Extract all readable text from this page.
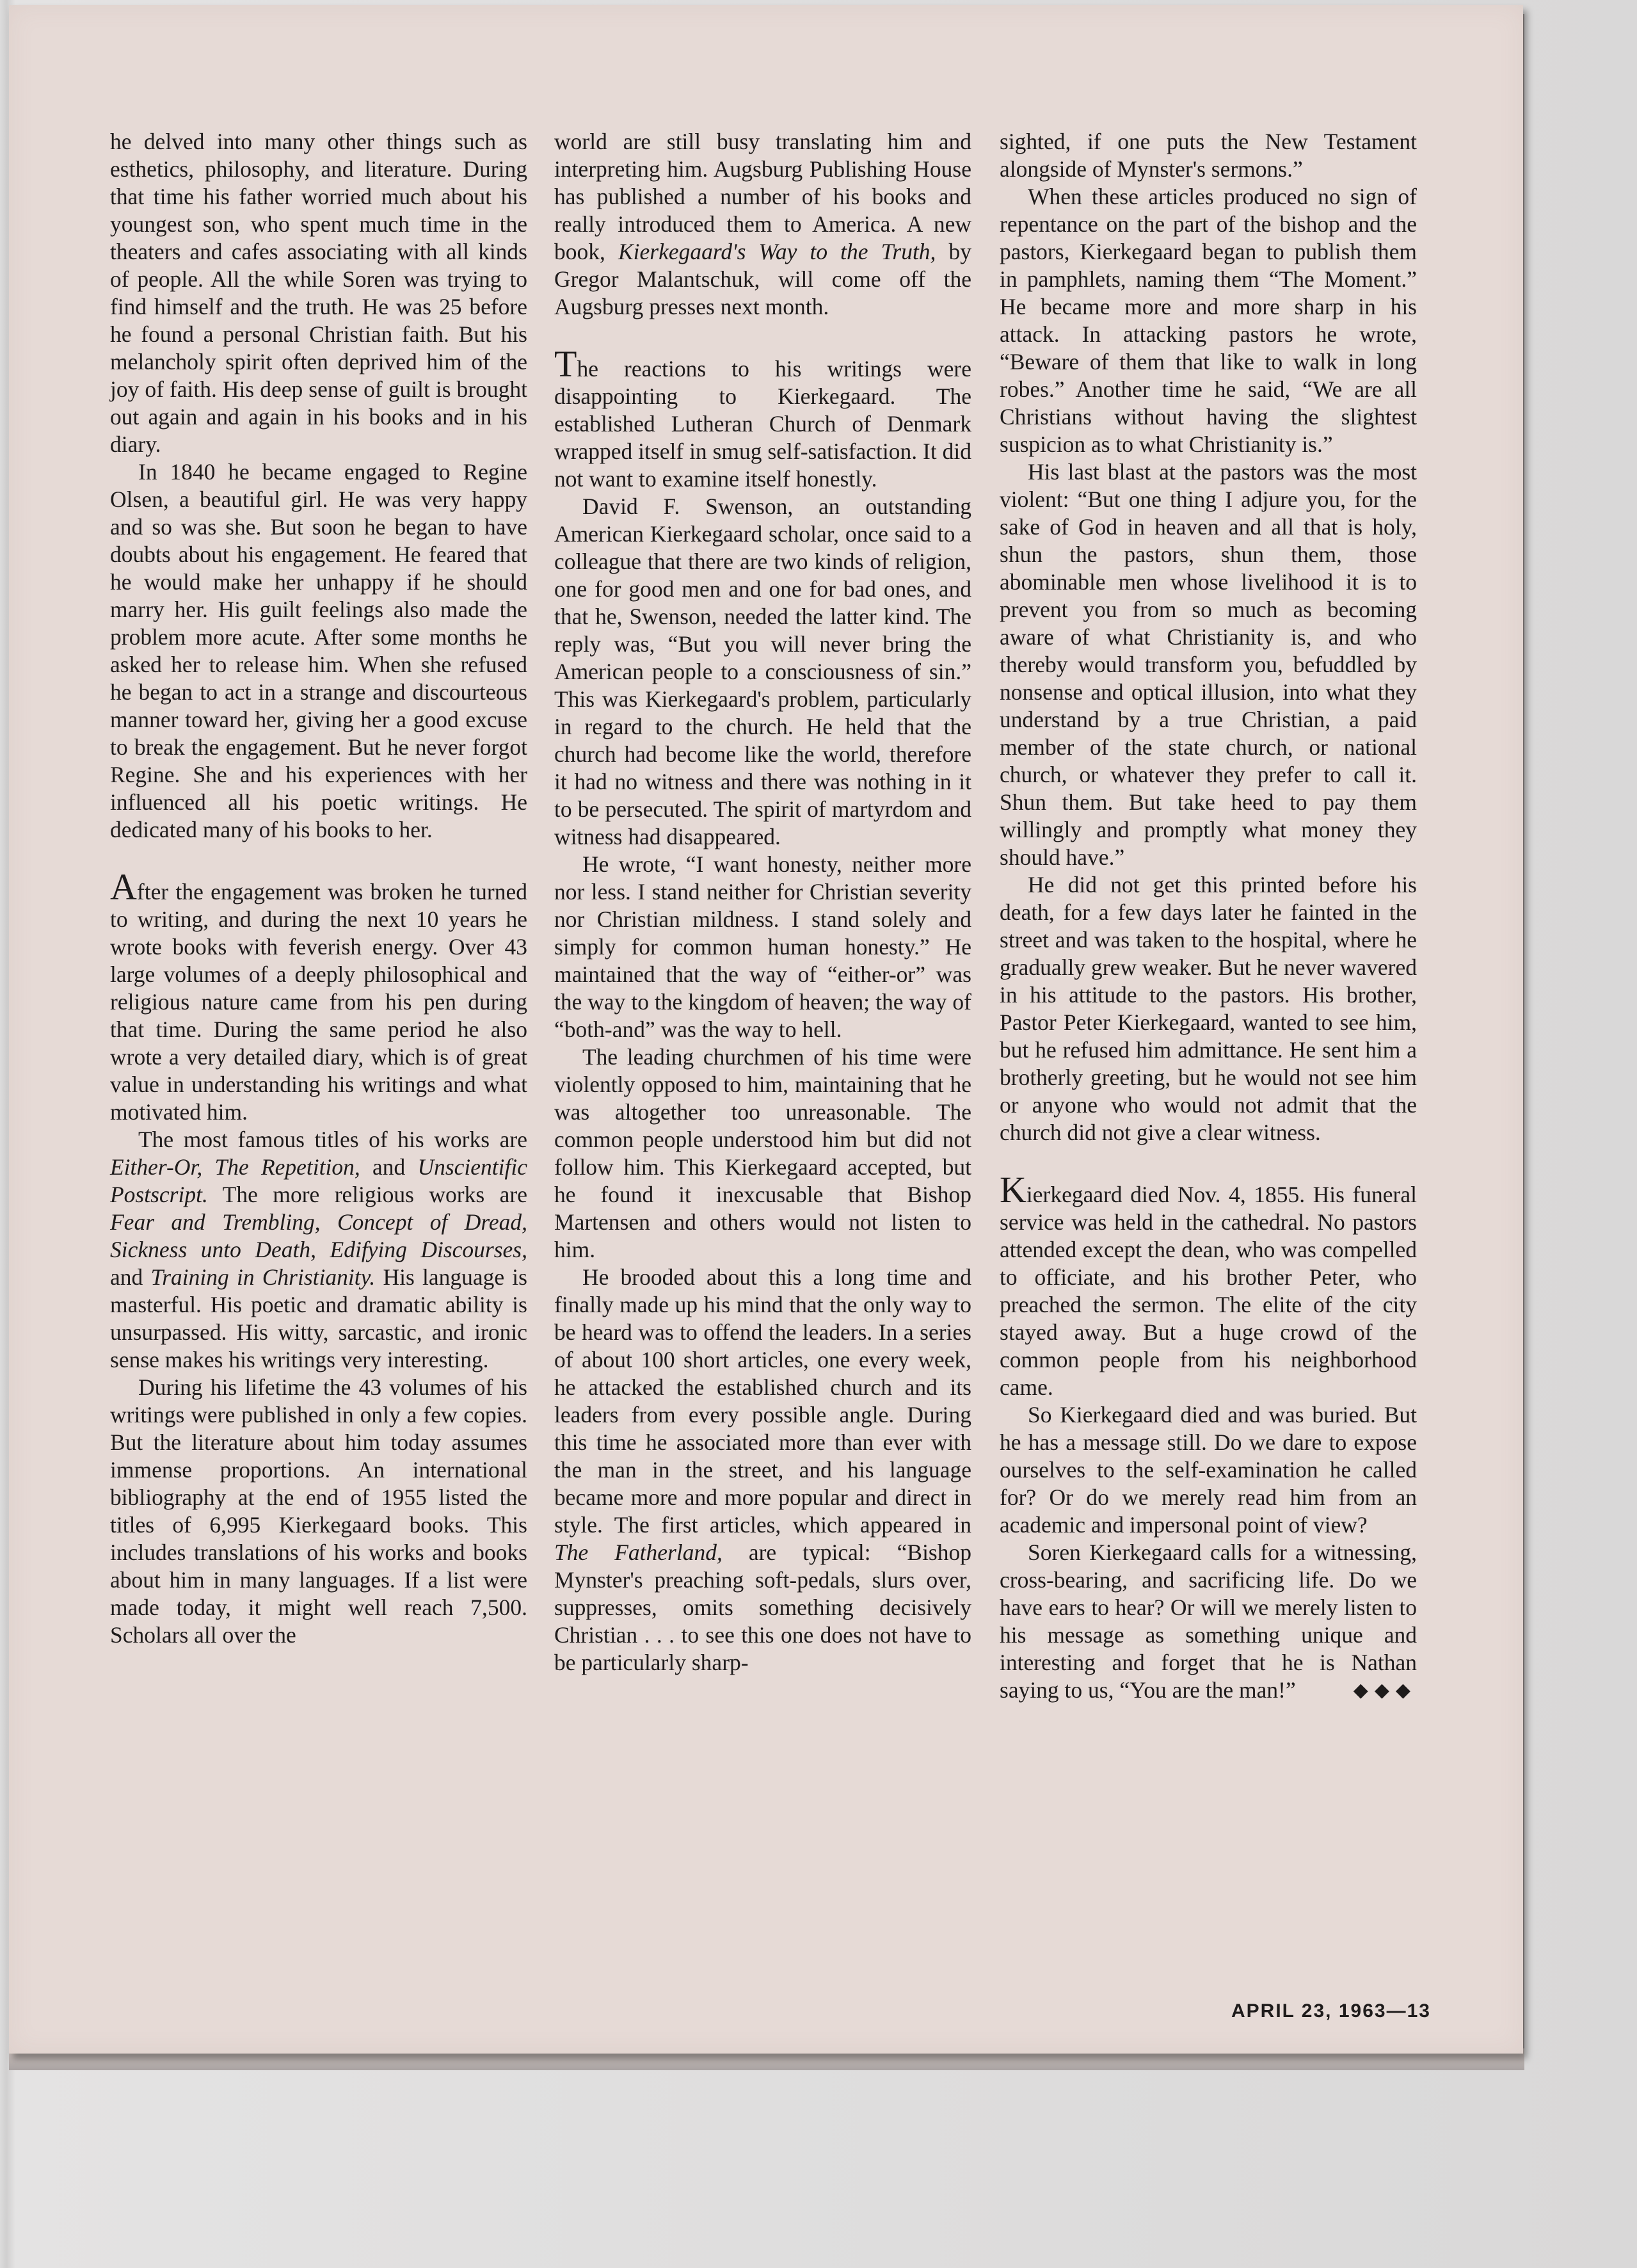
he delved into many other things such as esthetics, philosophy, and literature. During that time his father worried much about his youngest son, who spent much time in the theaters and cafes associating with all kinds of people. All the while Soren was trying to find himself and the truth. He was 25 before he found a personal Christian faith. But his melancholy spirit often deprived him of the joy of faith. His deep sense of guilt is brought out again and again in his books and in his diary.

In 1840 he became engaged to Regine Olsen, a beautiful girl. He was very happy and so was she. But soon he began to have doubts about his engagement. He feared that he would make her unhappy if he should marry her. His guilt feelings also made the problem more acute. After some months he asked her to release him. When she refused he began to act in a strange and discourteous manner toward her, giving her a good excuse to break the engagement. But he never forgot Regine. She and his experiences with her influenced all his poetic writings. He dedicated many of his books to her.

After the engagement was broken he turned to writing, and during the next 10 years he wrote books with feverish energy. Over 43 large volumes of a deeply philosophical and religious nature came from his pen during that time. During the same period he also wrote a very detailed diary, which is of great value in understanding his writings and what motivated him.

The most famous titles of his works are Either-Or, The Repetition, and Unscientific Postscript. The more religious works are Fear and Trembling, Concept of Dread, Sickness unto Death, Edifying Discourses, and Training in Christianity. His language is masterful. His poetic and dramatic ability is unsurpassed. His witty, sarcastic, and ironic sense makes his writings very interesting.

During his lifetime the 43 volumes of his writings were published in only a few copies. But the literature about him today assumes immense proportions. An international bibliography at the end of 1955 listed the titles of 6,995 Kierkegaard books. This includes translations of his works and books about him in many languages. If a list were made today, it might well reach 7,500. Scholars all over the

world are still busy translating him and interpreting him. Augsburg Publishing House has published a number of his books and really introduced them to America. A new book, Kierkegaard's Way to the Truth, by Gregor Malantschuk, will come off the Augsburg presses next month.

The reactions to his writings were disappointing to Kierkegaard. The established Lutheran Church of Denmark wrapped itself in smug self-satisfaction. It did not want to examine itself honestly.

David F. Swenson, an outstanding American Kierkegaard scholar, once said to a colleague that there are two kinds of religion, one for good men and one for bad ones, and that he, Swenson, needed the latter kind. The reply was, “But you will never bring the American people to a consciousness of sin.” This was Kierkegaard's problem, particularly in regard to the church. He held that the church had become like the world, therefore it had no witness and there was nothing in it to be persecuted. The spirit of martyrdom and witness had disappeared.

He wrote, “I want honesty, neither more nor less. I stand neither for Christian severity nor Christian mildness. I stand solely and simply for common human honesty.” He maintained that the way of “either-or” was the way to the kingdom of heaven; the way of “both-and” was the way to hell.

The leading churchmen of his time were violently opposed to him, maintaining that he was altogether too unreasonable. The common people understood him but did not follow him. This Kierkegaard accepted, but he found it inexcusable that Bishop Martensen and others would not listen to him.

He brooded about this a long time and finally made up his mind that the only way to be heard was to offend the leaders. In a series of about 100 short articles, one every week, he attacked the established church and its leaders from every possible angle. During this time he associated more than ever with the man in the street, and his language became more and more popular and direct in style. The first articles, which appeared in The Fatherland, are typical: “Bishop Mynster's preaching soft-pedals, slurs over, suppresses, omits something decisively Christian . . . to see this one does not have to be particularly sharp-

sighted, if one puts the New Testament alongside of Mynster's sermons.”

When these articles produced no sign of repentance on the part of the bishop and the pastors, Kierkegaard began to publish them in pamphlets, naming them “The Moment.” He became more and more sharp in his attack. In attacking pastors he wrote, “Beware of them that like to walk in long robes.” Another time he said, “We are all Christians without having the slightest suspicion as to what Christianity is.”

His last blast at the pastors was the most violent: “But one thing I adjure you, for the sake of God in heaven and all that is holy, shun the pastors, shun them, those abominable men whose livelihood it is to prevent you from so much as becoming aware of what Christianity is, and who thereby would transform you, befuddled by nonsense and optical illusion, into what they understand by a true Christian, a paid member of the state church, or national church, or whatever they prefer to call it. Shun them. But take heed to pay them willingly and promptly what money they should have.”

He did not get this printed before his death, for a few days later he fainted in the street and was taken to the hospital, where he gradually grew weaker. But he never wavered in his attitude to the pastors. His brother, Pastor Peter Kierkegaard, wanted to see him, but he refused him admittance. He sent him a brotherly greeting, but he would not see him or anyone who would not admit that the church did not give a clear witness.

Kierkegaard died Nov. 4, 1855. His funeral service was held in the cathedral. No pastors attended except the dean, who was compelled to officiate, and his brother Peter, who preached the sermon. The elite of the city stayed away. But a huge crowd of the common people from his neighborhood came.

So Kierkegaard died and was buried. But he has a message still. Do we dare to expose ourselves to the self-examination he called for? Or do we merely read him from an academic and impersonal point of view?

Soren Kierkegaard calls for a witnessing, cross-bearing, and sacrificing life. Do we have ears to hear? Or will we merely listen to his message as something unique and interesting and forget that he is Nathan saying to us, “You are the man!”	◆◆◆

APRIL 23, 1963—13
